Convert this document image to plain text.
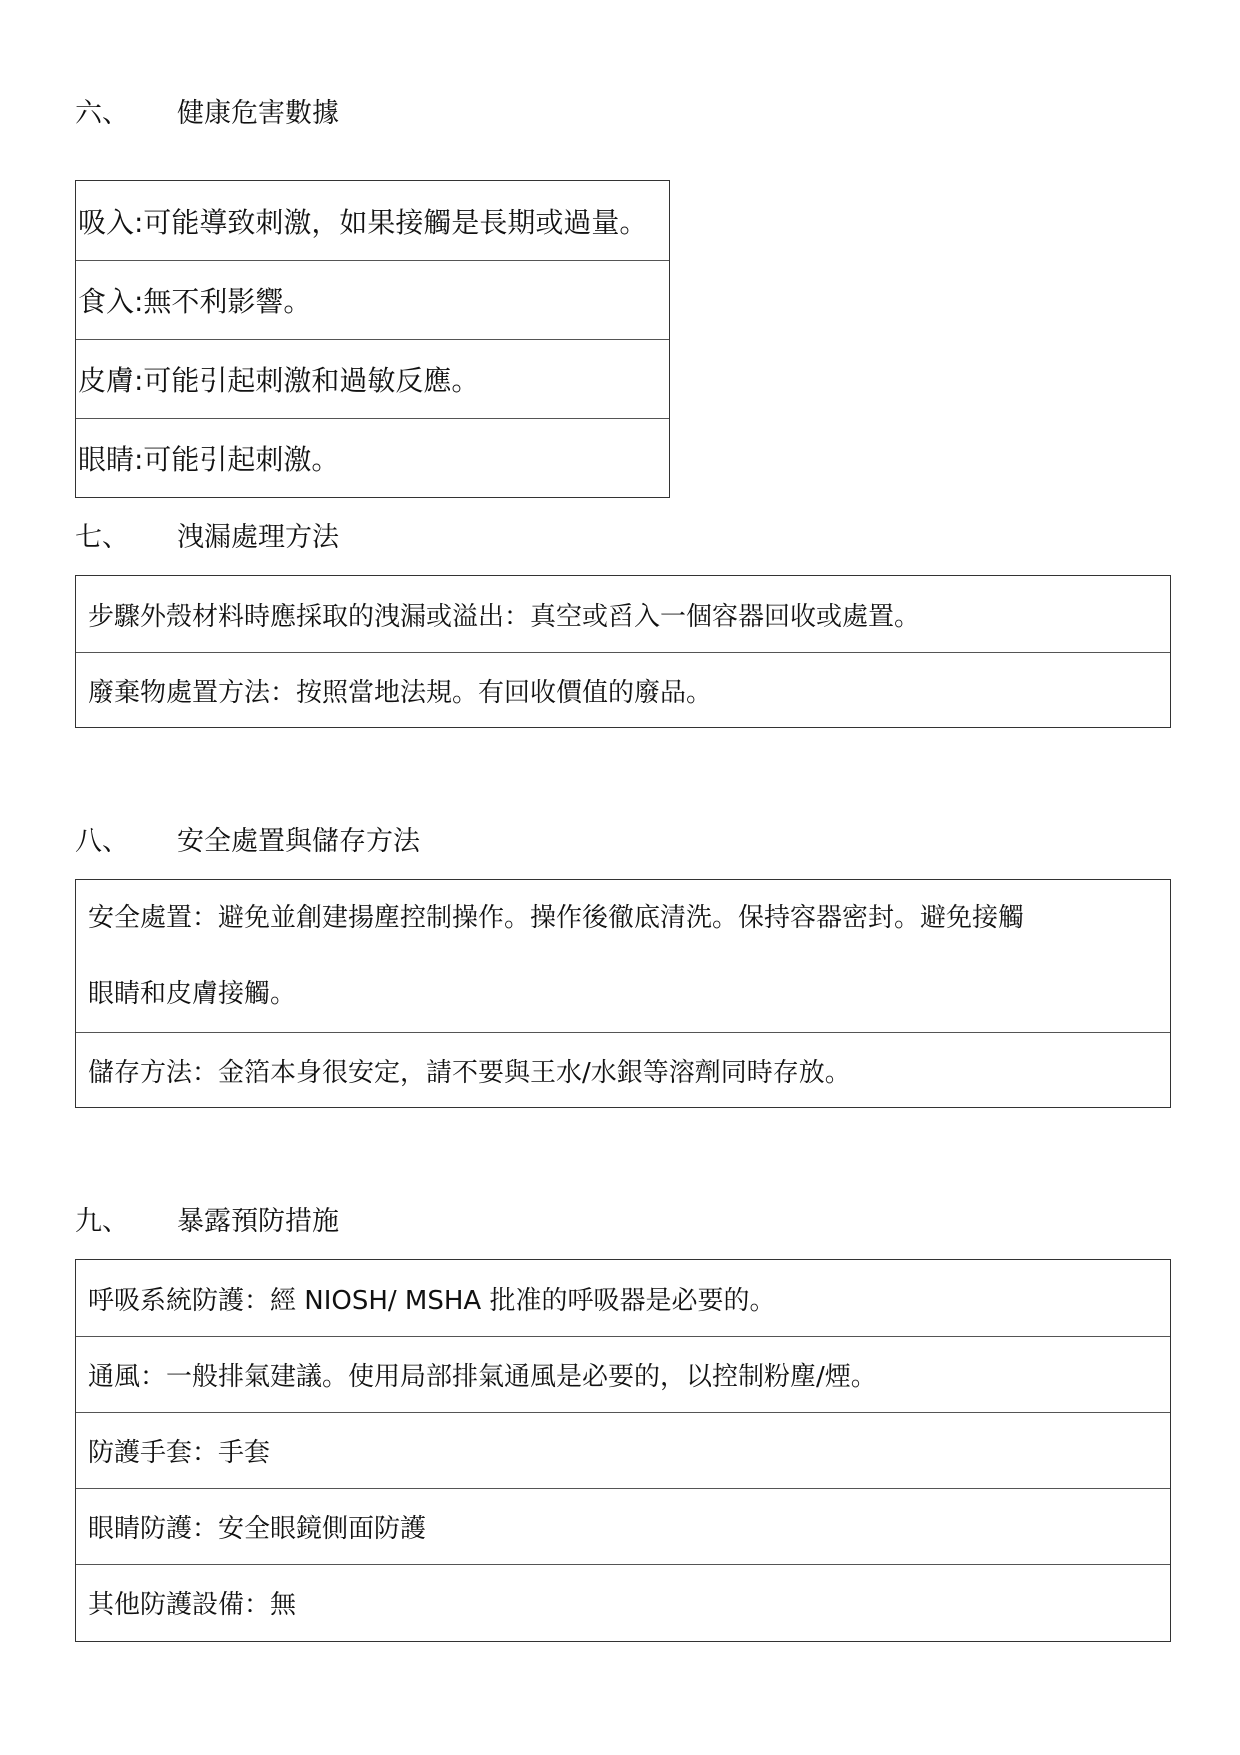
六、 健康危害數據
吸入:可能導致刺激，如果接觸是長期或過量。
食入:無不利影響。
皮膚:可能引起刺激和過敏反應。
眼睛:可能引起刺激。
七、 洩漏處理方法
步驟外殼材料時應採取的洩漏或溢出：真空或舀入一個容器回收或處置。
廢棄物處置方法：按照當地法規。有回收價值的廢品。
八、 安全處置與儲存方法
安全處置：避免並創建揚塵控制操作。操作後徹底清洗。保持容器密封。避免接觸
眼睛和皮膚接觸。
儲存方法：金箔本身很安定，請不要與王水/水銀等溶劑同時存放。
九、 暴露預防措施
呼吸系統防護：經 NIOSH/ MSHA 批准的呼吸器是必要的。
通風：一般排氣建議。使用局部排氣通風是必要的，以控制粉塵/煙。
防護手套：手套
眼睛防護：安全眼鏡側面防護
其他防護設備：無
